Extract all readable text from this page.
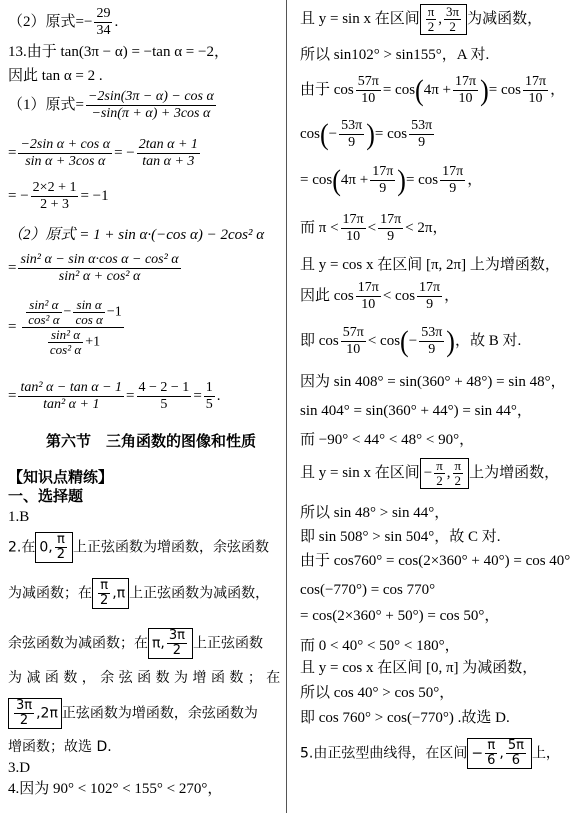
（2）原式=− $\frac{29}{34}$ .
13.由于 tan(3π − α) = −tan α = −2，
因此 tan α = 2 .
（1）原式= $\frac{\text{−2sin(3π − α) − cos α}}{\text{−sin(π + α) + 3cos α}}$
= $\frac{\text{−2sin α + cos α}}{\text{sin α + 3cos α}}$ = − $\frac{\text{2tan α + 1}}{\text{tan α + 3}}$
= − $\frac{2\times 2 + 1}{2 + 3} = -1$
（2）原式 = 1 + sin α·(−cos α) − 2cos² α
= $\frac{\text{sin² α − sin α·cos α − cos² α}}{\text{sin² α + cos² α}}$
= $\frac{\frac{\text{sin² α}}{\text{cos² α}} - \frac{\text{sin α}}{\text{cos α}} -1}{\frac{\text{sin² α}}{\text{cos² α}} +1}$
= $\frac{\text{tan² α − tan α − 1}}{\text{tan² α + 1}} = \frac{4 - 2 - 1}{5} = \frac{1}{5}$ .
第六节　三角函数的图像和性质
【知识点精练】
一、选择题
1.B
2.在 0, $\frac{\pi}{2}$ 上正弦函数为增函数，余弦函数
为减函数；在 $\frac{\pi}{2} ,\pi$ 上正弦函数为减函数，
余弦函数为减函数；在 π, $\frac{3\pi}{2}$ 上正弦函数
为 减 函 数 ， 余 弦 函 数 为 增 函 数 ； 在
$\frac{3\pi}{2} ,2\pi$ 正弦函数为增函数，余弦函数为
增函数；故选 D.
3.D
4.因为 90° < 102° < 155° < 270°，
且 y = sin x 在区间 $\frac{\pi}{2}$ , $\frac{3\pi}{2}$ 为减函数，
所以 sin102° > sin155°，A 对.
由于 $\cos \frac{57\pi}{10} = \cos(4\pi + \frac{17\pi}{10}$ )= $\cos \frac{17\pi}{10}$ ，
$\cos(- \frac{53\pi}{9}$ )= $\cos \frac{53\pi}{9}$
= $\cos(4\pi + \frac{17\pi}{9}$ )= $\cos \frac{17\pi}{9}$ ，
而 $\pi < \frac{17\pi}{10} < \frac{17\pi}{9} < 2\pi$，
且 y = cos x 在区间 [π, 2π] 上为增函数，
因此 $\cos \frac{17\pi}{10} < \cos \frac{17\pi}{9}$ ，
即 $\cos \frac{57\pi}{10} < \cos(- \frac{53\pi}{9}$ )，故 B 对.
因为 sin 408° = sin(360° + 48°) = sin 48°，
sin 404° = sin(360° + 44°) = sin 44°，
而 −90° < 44° < 48° < 90°，
且 y = sin x 在区间 − $\frac{\pi}{2}$ , $\frac{\pi}{2}$ 上为增函数，
所以 sin 48° > sin 44°，
即 sin 508° > sin 504°，故 C 对.
由于 cos760° = cos(2×360° + 40°) = cos 40°
cos(−770°) = cos 770°
= cos(2×360° + 50°) = cos 50°，
而 0 < 40° < 50° < 180°，
且 y = cos x 在区间 [0, π] 为减函数，
所以 cos 40° > cos 50°，
即 cos 760° > cos(−770°) .故选 D.
5.由正弦型曲线得，在区间 − $\frac{\pi}{6}$ , $\frac{5\pi}{6}$ 上，
